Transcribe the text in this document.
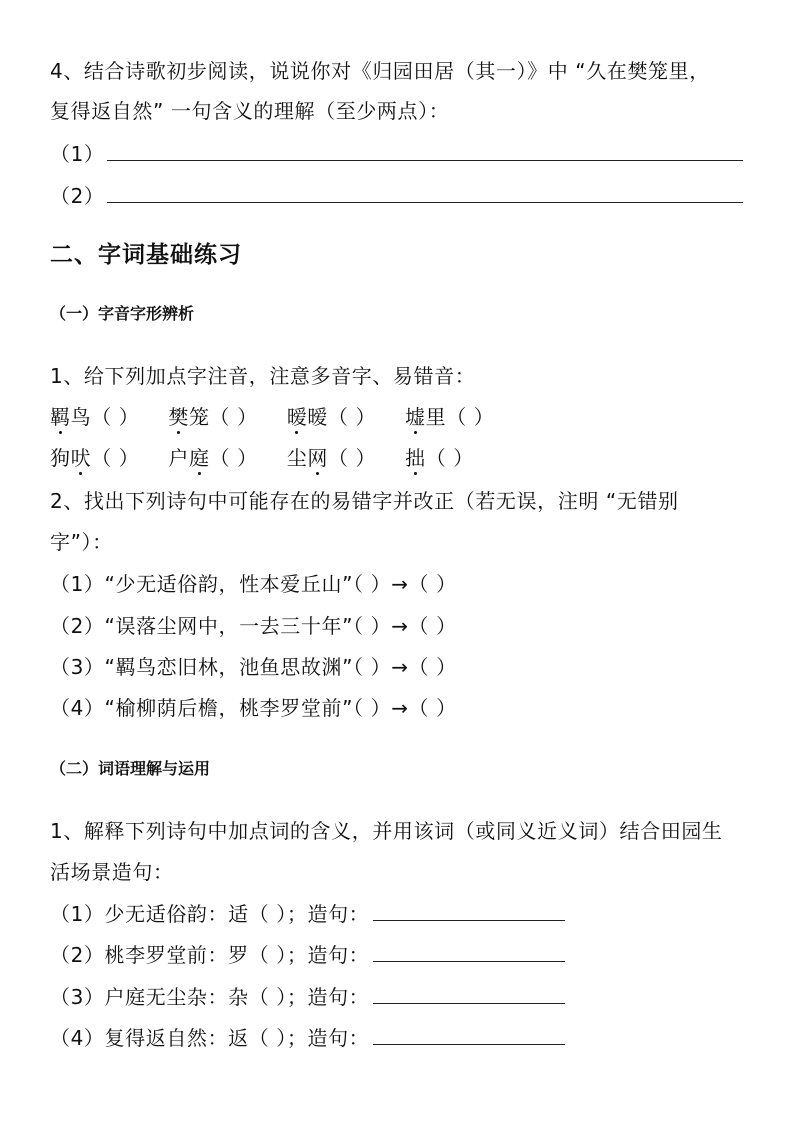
4、结合诗歌初步阅读，说说你对《归园田居（其一）》中 “久在樊笼里，
复得返自然” 一句含义的理解（至少两点）：
（1）
（2）
二、字词基础练习
（一）字音字形辨析
1、给下列加点字注音，注意多音字、易错音：
羁鸟（ ） 樊笼（ ） 暧暧（ ） 墟里（ ）
狗吠（ ） 户庭（ ） 尘网（ ） 拙（ ）
2、找出下列诗句中可能存在的易错字并改正（若无误，注明 “无错别
字”）：
（1）“少无适俗韵，性本爱丘山”（ ）→（ ）
（2）“误落尘网中，一去三十年”（ ）→（ ）
（3）“羁鸟恋旧林，池鱼思故渊”（ ）→（ ）
（4）“榆柳荫后檐，桃李罗堂前”（ ）→（ ）
（二）词语理解与运用
1、解释下列诗句中加点词的含义，并用该词（或同义近义词）结合田园生
活场景造句：
（1）少无适俗韵：适（ ）；造句：
（2）桃李罗堂前：罗（ ）；造句：
（3）户庭无尘杂：杂（ ）；造句：
（4）复得返自然：返（ ）；造句：
